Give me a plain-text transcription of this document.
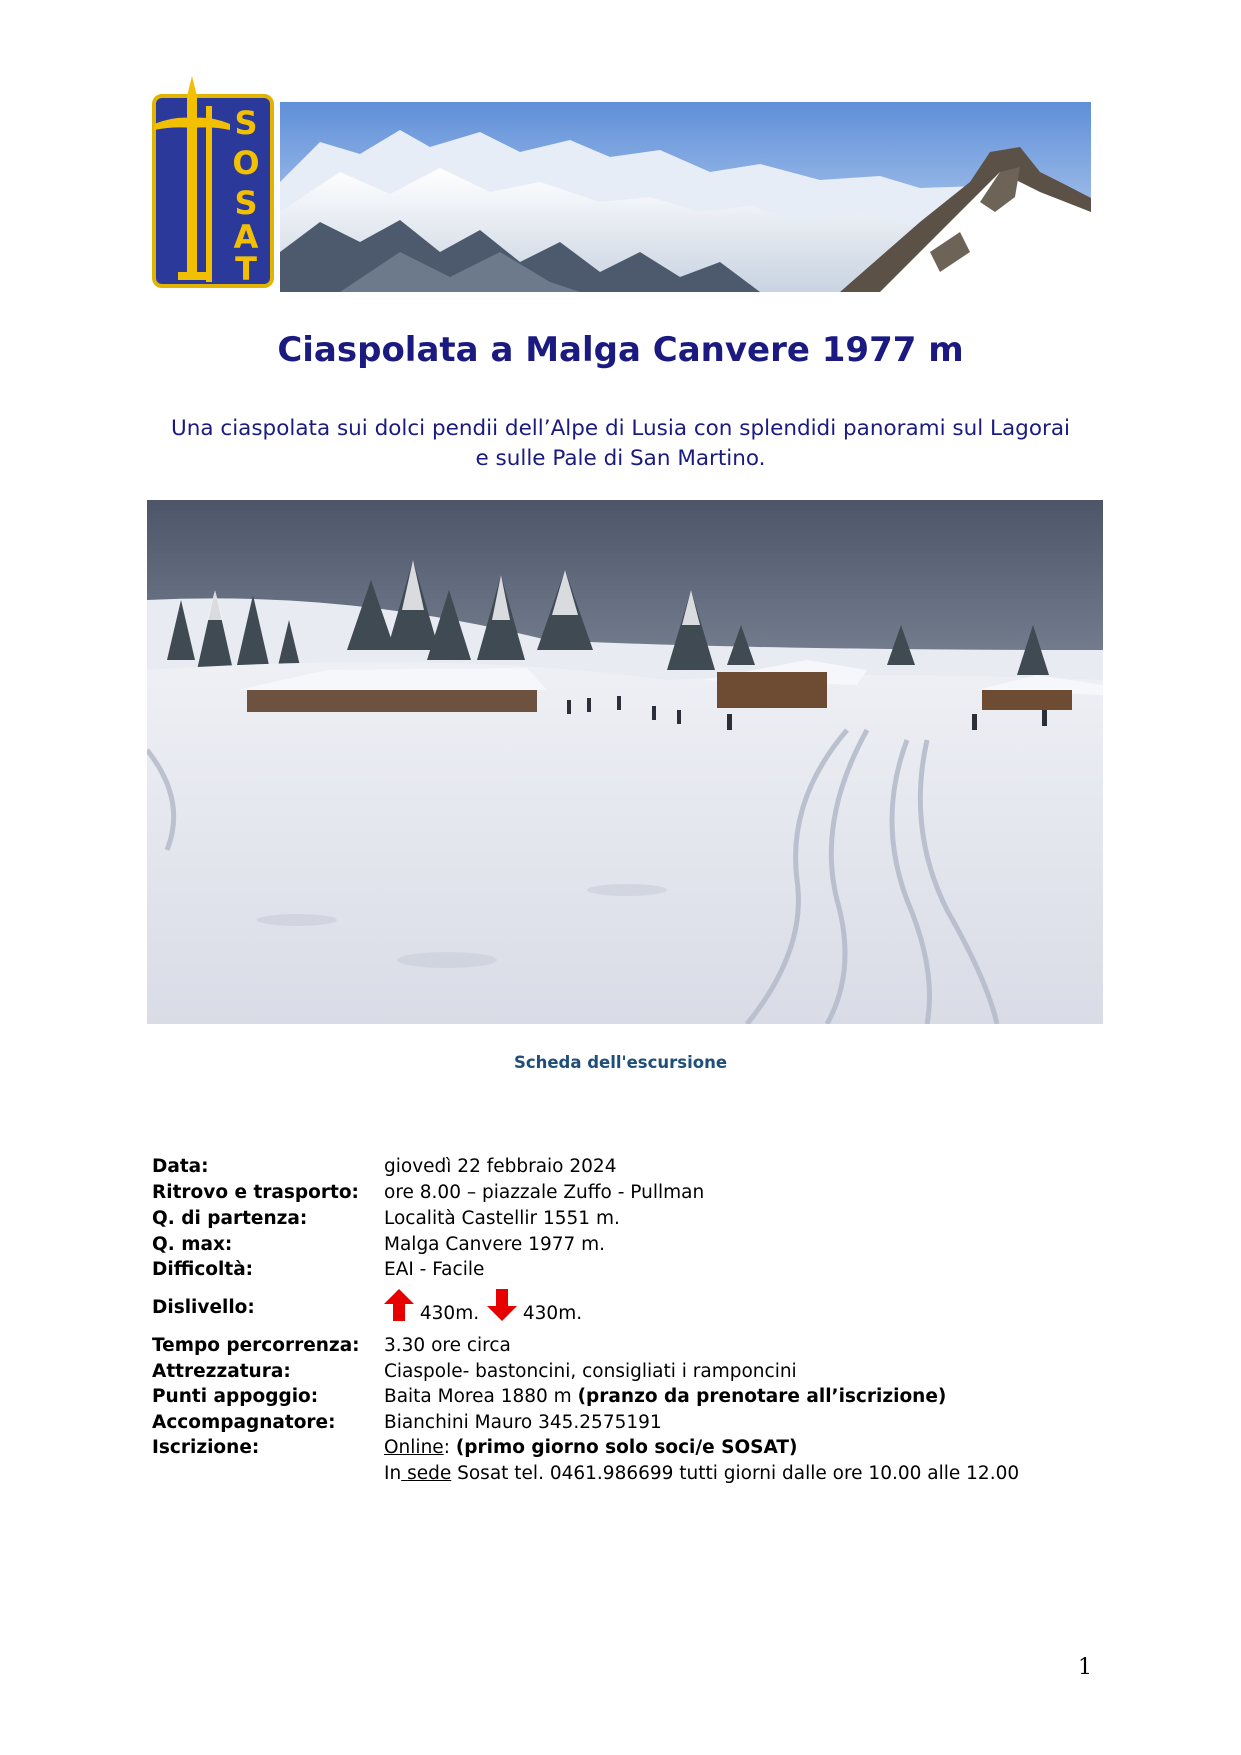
S
O
S
A
T
Ciaspolata a Malga Canvere 1977 m
Una ciaspolata sui dolci pendii dell’Alpe di Lusia con splendidi panorami sul Lagorai e sulle Pale di San Martino.
Scheda dell'escursione
Data:	giovedì 22 febbraio 2024
Ritrovo e trasporto: ore 8.00 – piazzale Zuffo - Pullman
Q. di partenza:	Località Castellir 1551 m.
Q. max:	Malga Canvere 1977 m.
Difficoltà:	EAI - Facile
Dislivello:	430m. 430m.
Tempo percorrenza: 3.30 ore circa
Attrezzatura:	Ciaspole- bastoncini, consigliati i ramponcini
Punti appoggio:	Baita Morea 1880 m (pranzo da prenotare all’iscrizione)
Accompagnatore:	Bianchini Mauro 345.2575191
Iscrizione:	Online: (primo giorno solo soci/e SOSAT)
In sede Sosat tel. 0461.986699 tutti giorni dalle ore 10.00 alle 12.00
1
